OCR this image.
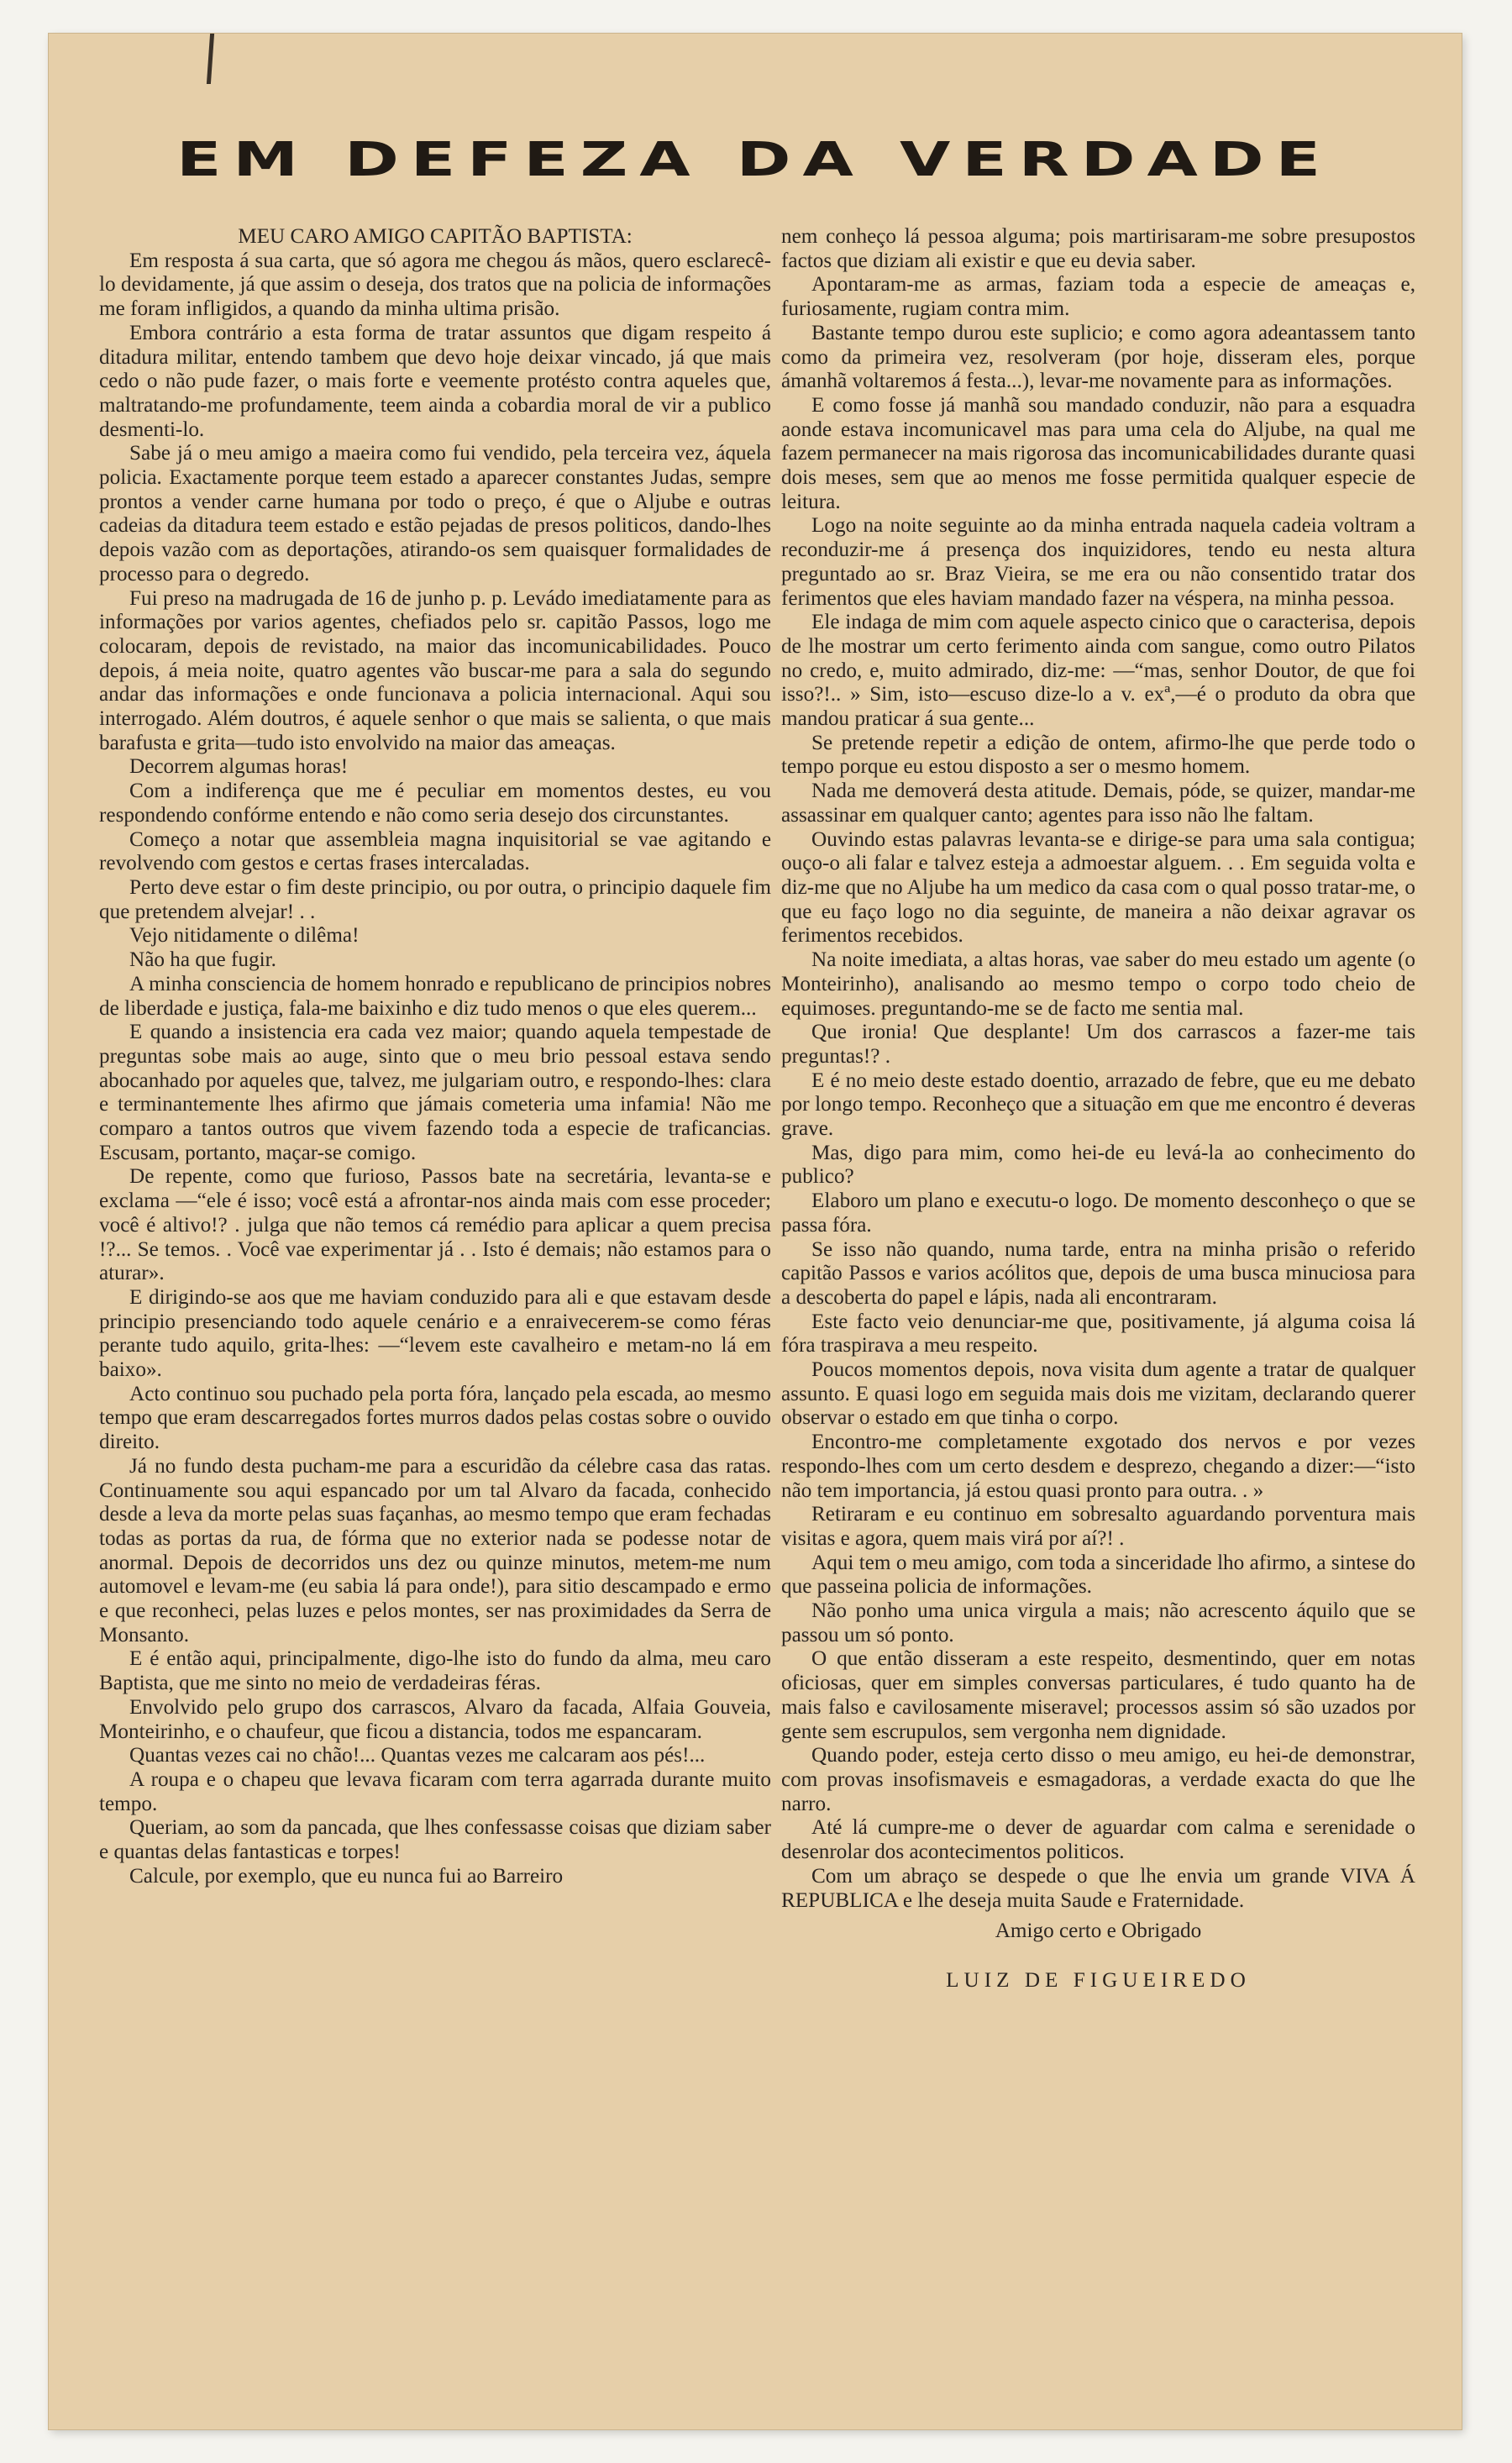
EM DEFEZA DA VERDADE

MEU CARO AMIGO CAPITÃO BAPTISTA:

Em resposta á sua carta, que só agora me chegou ás mãos, quero esclarecê-lo devidamente, já que assim o deseja, dos tratos que na policia de informações me foram infligidos, a quando da minha ultima prisão.

Embora contrário a esta forma de tratar assuntos que digam respeito á ditadura militar, entendo tambem que devo hoje deixar vincado, já que mais cedo o não pude fazer, o mais forte e veemente protésto contra aqueles que, maltratando-me profundamente, teem ainda a cobardia moral de vir a publico desmenti-lo.

Sabe já o meu amigo a maeira como fui vendido, pela terceira vez, áquela policia. Exactamente porque teem estado a aparecer constantes Judas, sempre prontos a vender carne humana por todo o preço, é que o Aljube e outras cadeias da ditadura teem estado e estão pejadas de presos politicos, dando-lhes depois vazão com as deportações, atirando-os sem quaisquer formalidades de processo para o degredo.

Fui preso na madrugada de 16 de junho p. p. Levádo imediatamente para as informações por varios agentes, chefiados pelo sr. capitão Passos, logo me colocaram, depois de revistado, na maior das incomunicabilidades. Pouco depois, á meia noite, quatro agentes vão buscar-me para a sala do segundo andar das informações e onde funcionava a policia internacional. Aqui sou interrogado. Além doutros, é aquele senhor o que mais se salienta, o que mais barafusta e grita—tudo isto envolvido na maior das ameaças.

Decorrem algumas horas!

Com a indiferença que me é peculiar em momentos destes, eu vou respondendo confórme entendo e não como seria desejo dos circunstantes.

Começo a notar que assembleia magna inquisitorial se vae agitando e revolvendo com gestos e certas frases intercaladas.

Perto deve estar o fim deste principio, ou por outra, o principio daquele fim que pretendem alvejar! . .

Vejo nitidamente o dilêma!

Não ha que fugir.

A minha consciencia de homem honrado e republicano de principios nobres de liberdade e justiça, fala-me baixinho e diz tudo menos o que eles querem...

E quando a insistencia era cada vez maior; quando aquela tempestade de preguntas sobe mais ao auge, sinto que o meu brio pessoal estava sendo abocanhado por aqueles que, talvez, me julgariam outro, e respondo-lhes: clara e terminantemente lhes afirmo que jámais cometeria uma infamia! Não me comparo a tantos outros que vivem fazendo toda a especie de traficancias. Escusam, portanto, maçar-se comigo.

De repente, como que furioso, Passos bate na secretária, levanta-se e exclama —“ele é isso; você está a afrontar-nos ainda mais com esse proceder; você é altivo!? . julga que não temos cá remédio para aplicar a quem precisa !?... Se temos. . Você vae experimentar já . . Isto é demais; não estamos para o aturar».

E dirigindo-se aos que me haviam conduzido para ali e que estavam desde principio presenciando todo aquele cenário e a enraivecerem-se como féras perante tudo aquilo, grita-lhes: —“levem este cavalheiro e metam-no lá em baixo».

Acto continuo sou puchado pela porta fóra, lançado pela escada, ao mesmo tempo que eram descarregados fortes murros dados pelas costas sobre o ouvido direito.

Já no fundo desta pucham-me para a escuridão da célebre casa das ratas. Continuamente sou aqui espancado por um tal Alvaro da facada, conhecido desde a leva da morte pelas suas façanhas, ao mesmo tempo que eram fechadas todas as portas da rua, de fórma que no exterior nada se podesse notar de anormal. Depois de decorridos uns dez ou quinze minutos, metem-me num automovel e levam-me (eu sabia lá para onde!), para sitio descampado e ermo e que reconheci, pelas luzes e pelos montes, ser nas proximidades da Serra de Monsanto.

E é então aqui, principalmente, digo-lhe isto do fundo da alma, meu caro Baptista, que me sinto no meio de verdadeiras féras.

Envolvido pelo grupo dos carrascos, Alvaro da facada, Alfaia Gouveia, Monteirinho, e o chaufeur, que ficou a distancia, todos me espancaram.

Quantas vezes cai no chão!... Quantas vezes me calcaram aos pés!...

A roupa e o chapeu que levava ficaram com terra agarrada durante muito tempo.

Queriam, ao som da pancada, que lhes confessasse coisas que diziam saber e quantas delas fantasticas e torpes!

Calcule, por exemplo, que eu nunca fui ao Barreiro

nem conheço lá pessoa alguma; pois martirisaram-me sobre presupostos factos que diziam ali existir e que eu devia saber.

Apontaram-me as armas, faziam toda a especie de ameaças e, furiosamente, rugiam contra mim.

Bastante tempo durou este suplicio; e como agora adeantassem tanto como da primeira vez, resolveram (por hoje, disseram eles, porque ámanhã voltaremos á festa...), levar-me novamente para as informações.

E como fosse já manhã sou mandado conduzir, não para a esquadra aonde estava incomunicavel mas para uma cela do Aljube, na qual me fazem permanecer na mais rigorosa das incomunicabilidades durante quasi dois meses, sem que ao menos me fosse permitida qualquer especie de leitura.

Logo na noite seguinte ao da minha entrada naquela cadeia voltram a reconduzir-me á presença dos inquizidores, tendo eu nesta altura preguntado ao sr. Braz Vieira, se me era ou não consentido tratar dos ferimentos que eles haviam mandado fazer na véspera, na minha pessoa.

Ele indaga de mim com aquele aspecto cinico que o caracterisa, depois de lhe mostrar um certo ferimento ainda com sangue, como outro Pilatos no credo, e, muito admirado, diz-me: —“mas, senhor Doutor, de que foi isso?!.. » Sim, isto—escuso dize-lo a v. exª,—é o produto da obra que mandou praticar á sua gente...

Se pretende repetir a edição de ontem, afirmo-lhe que perde todo o tempo porque eu estou disposto a ser o mesmo homem.

Nada me demoverá desta atitude. Demais, póde, se quizer, mandar-me assassinar em qualquer canto; agentes para isso não lhe faltam.

Ouvindo estas palavras levanta-se e dirige-se para uma sala contigua; ouço-o ali falar e talvez esteja a admoestar alguem. . . Em seguida volta e diz-me que no Aljube ha um medico da casa com o qual posso tratar-me, o que eu faço logo no dia seguinte, de maneira a não deixar agravar os ferimentos recebidos.

Na noite imediata, a altas horas, vae saber do meu estado um agente (o Monteirinho), analisando ao mesmo tempo o corpo todo cheio de equimoses. preguntando-me se de facto me sentia mal.

Que ironia! Que desplante! Um dos carrascos a fazer-me tais preguntas!? .

E é no meio deste estado doentio, arrazado de febre, que eu me debato por longo tempo. Reconheço que a situação em que me encontro é deveras grave.

Mas, digo para mim, como hei-de eu levá-la ao conhecimento do publico?

Elaboro um plano e executu-o logo. De momento desconheço o que se passa fóra.

Se isso não quando, numa tarde, entra na minha prisão o referido capitão Passos e varios acólitos que, depois de uma busca minuciosa para a descoberta do papel e lápis, nada ali encontraram.

Este facto veio denunciar-me que, positivamente, já alguma coisa lá fóra traspirava a meu respeito.

Poucos momentos depois, nova visita dum agente a tratar de qualquer assunto. E quasi logo em seguida mais dois me vizitam, declarando querer observar o estado em que tinha o corpo.

Encontro-me completamente exgotado dos nervos e por vezes respondo-lhes com um certo desdem e desprezo, chegando a dizer:—“isto não tem importancia, já estou quasi pronto para outra. . »

Retiraram e eu continuo em sobresalto aguardando porventura mais visitas e agora, quem mais virá por aí?! .

Aqui tem o meu amigo, com toda a sinceridade lho afirmo, a sintese do que passeina policia de informações.

Não ponho uma unica virgula a mais; não acrescento áquilo que se passou um só ponto.

O que então disseram a este respeito, desmentindo, quer em notas oficiosas, quer em simples conversas particulares, é tudo quanto ha de mais falso e cavilosamente miseravel; processos assim só são uzados por gente sem escrupulos, sem vergonha nem dignidade.

Quando poder, esteja certo disso o meu amigo, eu hei-de demonstrar, com provas insofismaveis e esmagadoras, a verdade exacta do que lhe narro.

Até lá cumpre-me o dever de aguardar com calma e serenidade o desenrolar dos acontecimentos politicos.

Com um abraço se despede o que lhe envia um grande VIVA Á REPUBLICA e lhe deseja muita Saude e Fraternidade.

Amigo certo e Obrigado

LUIZ DE FIGUEIREDO
